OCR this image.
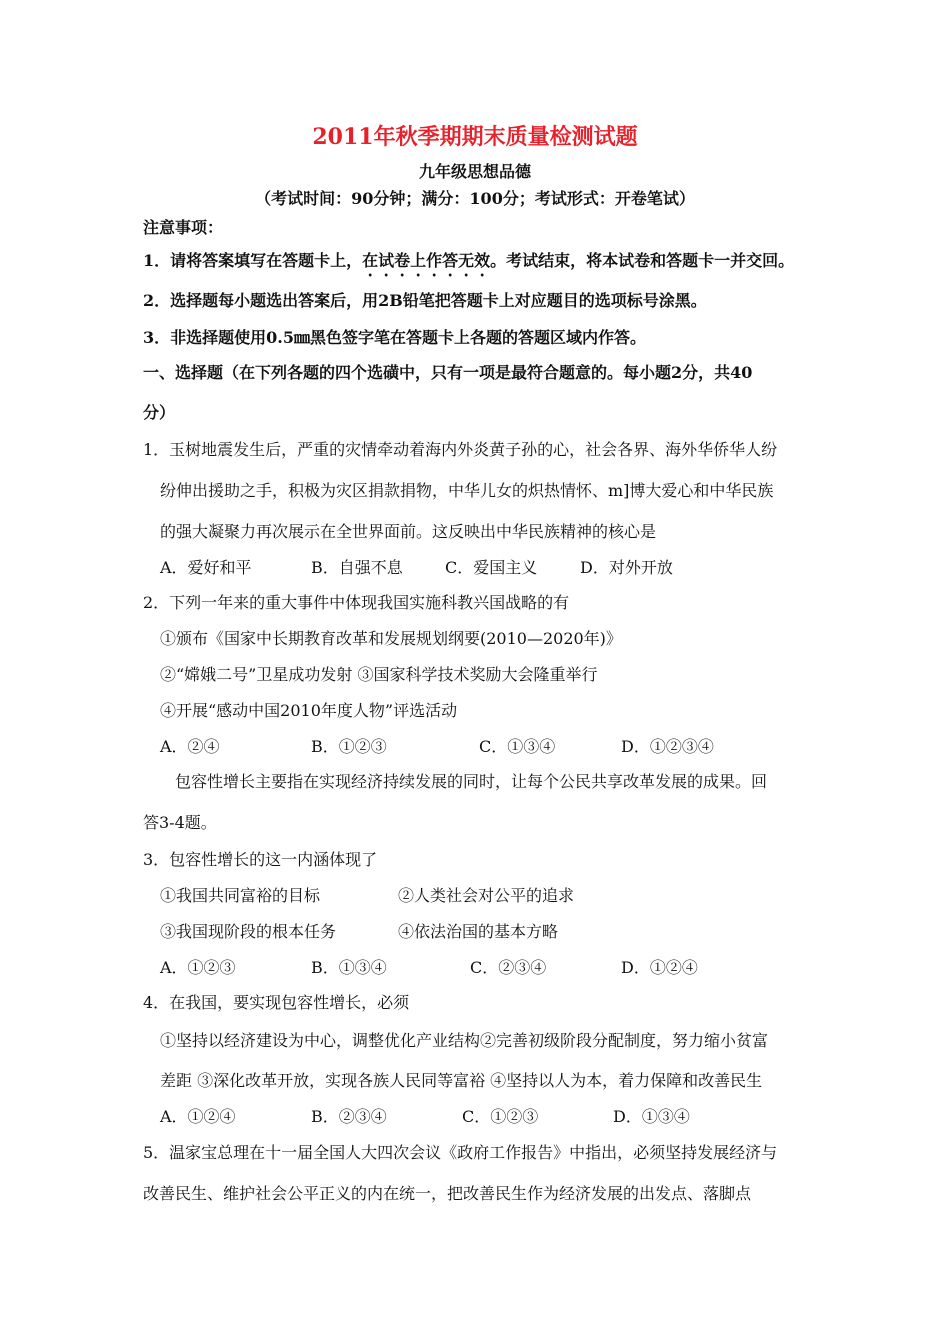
2011年秋季期期末质量检测试题
九年级思想品德
（考试时间：90分钟；满分：100分；考试形式：开卷笔试）
注意事项：
1．请将答案填写在答题卡上，在试卷上作答无效。考试结束，将本试卷和答题卡一并交回。
2．选择题每小题选出答案后，用2B铅笔把答题卡上对应题目的选项标号涂黑。
3．非选择题使用0.5㎜黑色签字笔在答题卡上各题的答题区域内作答。
一、选择题（在下列各题的四个选磺中，只有一项是最符合题意的。每小题2分，共40
分）
1．玉树地震发生后，严重的灾情牵动着海内外炎黄子孙的心，社会各界、海外华侨华人纷
纷伸出援助之手，积极为灾区捐款捐物，中华儿女的炽热情怀、m]博大爱心和中华民族
的强大凝聚力再次展示在全世界面前。这反映出中华民族精神的核心是
A．爱好和平	B．自强不息	C．爱国主义	D．对外开放
2．下列一年来的重大事件中体现我国实施科教兴国战略的有
①颁布《国家中长期教育改革和发展规划纲要(2010—2020年)》
②“嫦娥二号”卫星成功发射 ③国家科学技术奖励大会隆重举行
④开展“感动中国2010年度人物”评选活动
A．②④	B．①②③	C．①③④	D．①②③④
包容性增长主要指在实现经济持续发展的同时，让每个公民共享改革发展的成果。回
答3-4题。
3．包容性增长的这一内涵体现了
①我国共同富裕的目标	②人类社会对公平的追求
③我国现阶段的根本任务	④依法治国的基本方略
A．①②③	B．①③④	C．②③④	D．①②④
4．在我国，要实现包容性增长，必须
①坚持以经济建设为中心，调整优化产业结构②完善初级阶段分配制度，努力缩小贫富
差距 ③深化改革开放，实现各族人民同等富裕 ④坚持以人为本，着力保障和改善民生
A．①②④	B．②③④	C．①②③	D．①③④
5．温家宝总理在十一届全国人大四次会议《政府工作报告》中指出，必须坚持发展经济与
改善民生、维护社会公平正义的内在统一，把改善民生作为经济发展的出发点、落脚点
